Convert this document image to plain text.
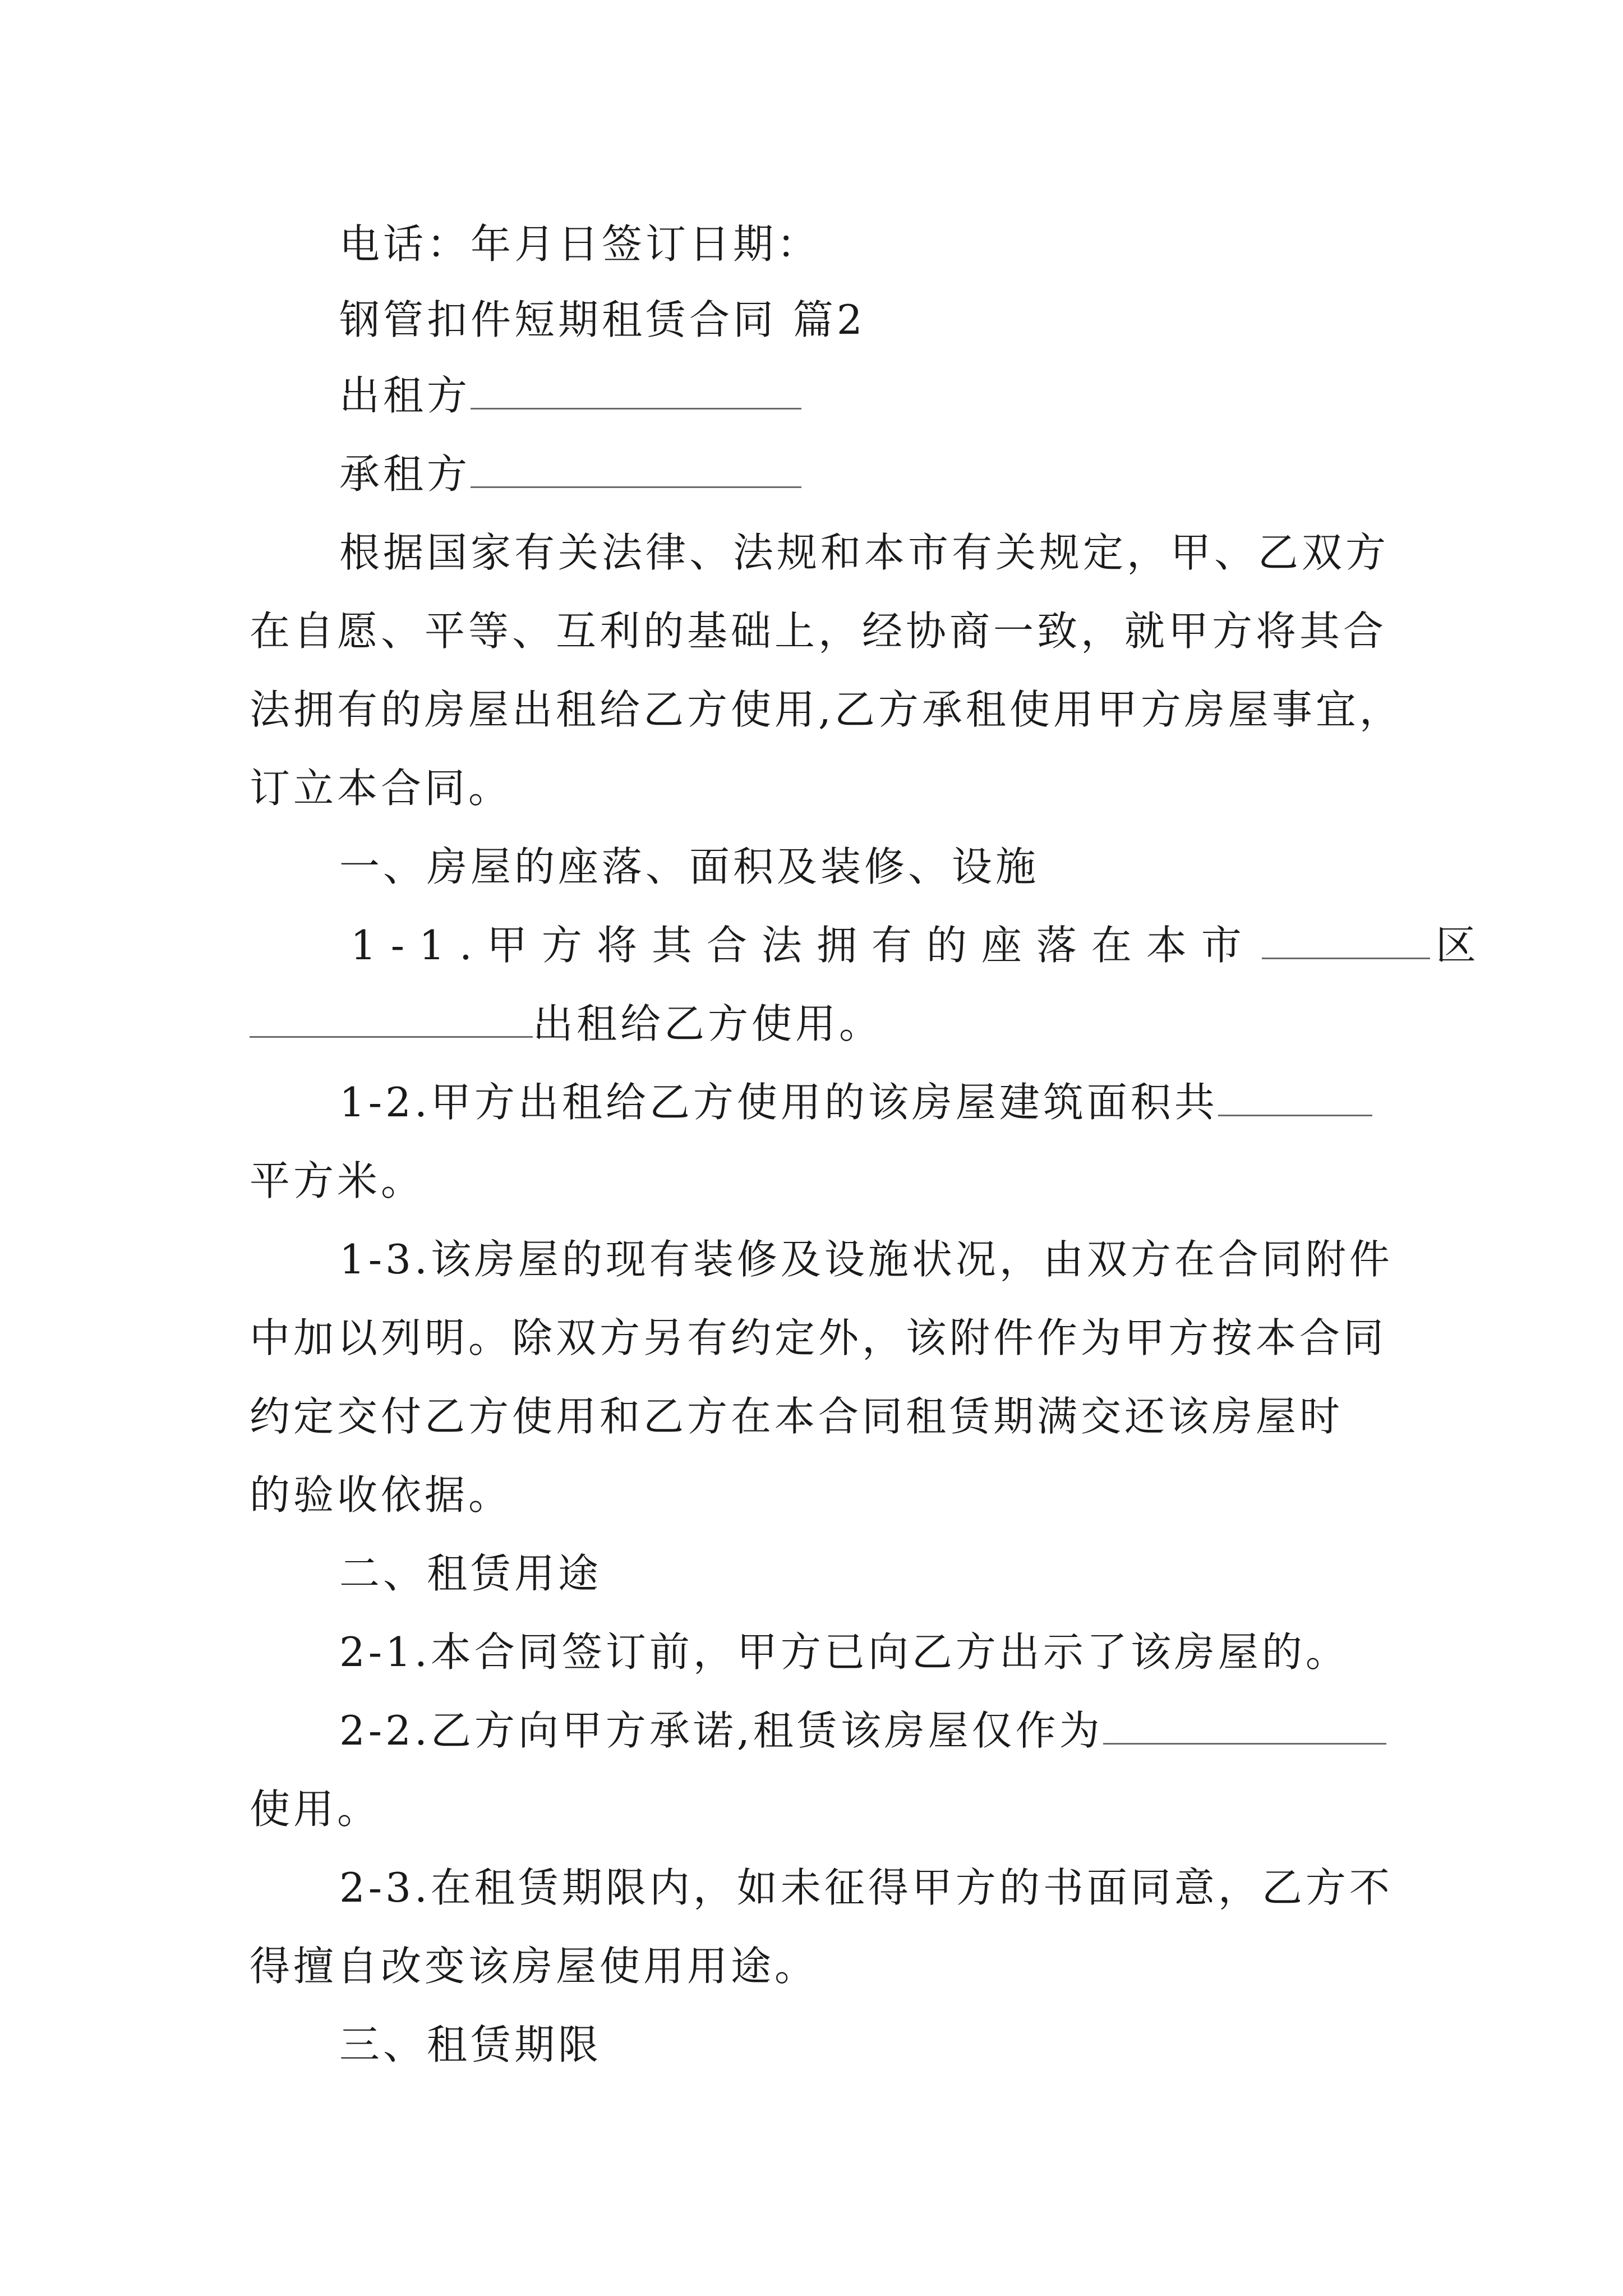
电话：年月日签订日期：
钢管扣件短期租赁合同 篇2
出租方
承租方
根据国家有关法律、法规和本市有关规定，甲、乙双方
在自愿、平等、互利的基础上，经协商一致，就甲方将其合
法拥有的房屋出租给乙方使用,乙方承租使用甲方房屋事宜，
订立本合同。
一、房屋的座落、面积及装修、设施
1-1.甲方将其合法拥有的座落在本市	区
出租给乙方使用。
1-2.甲方出租给乙方使用的该房屋建筑面积共
平方米。
1-3.该房屋的现有装修及设施状况，由双方在合同附件
中加以列明。除双方另有约定外，该附件作为甲方按本合同
约定交付乙方使用和乙方在本合同租赁期满交还该房屋时
的验收依据。
二、租赁用途
2-1.本合同签订前，甲方已向乙方出示了该房屋的。
2-2.乙方向甲方承诺,租赁该房屋仅作为
使用。
2-3.在租赁期限内，如未征得甲方的书面同意，乙方不
得擅自改变该房屋使用用途。
三、租赁期限
